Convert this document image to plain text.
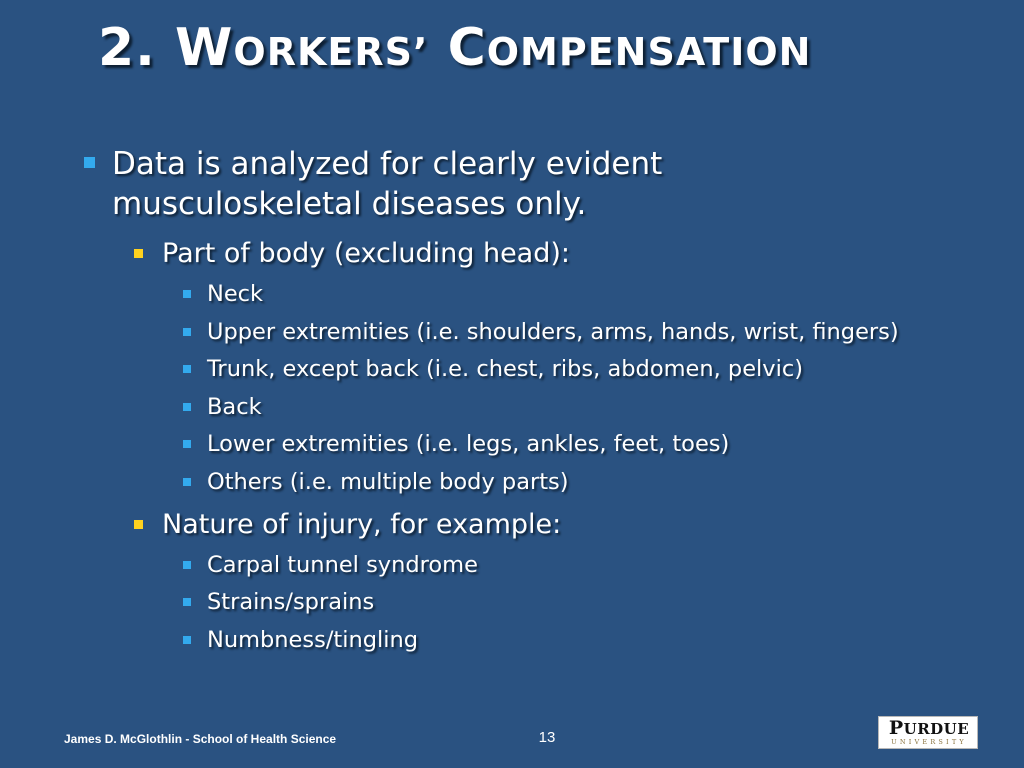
2. WORKERS’ COMPENSATION
Data is analyzed for clearly evident
musculoskeletal diseases only.
Part of body (excluding head):
Neck
Upper extremities (i.e. shoulders, arms, hands, wrist, fingers)
Trunk, except back (i.e. chest, ribs, abdomen, pelvic)
Back
Lower extremities (i.e. legs, ankles, feet, toes)
Others (i.e. multiple body parts)
Nature of injury, for example:
Carpal tunnel syndrome
Strains/sprains
Numbness/tingling
James D. McGlothlin - School of Health Science	13	PURDUE
UNIVERSITY
